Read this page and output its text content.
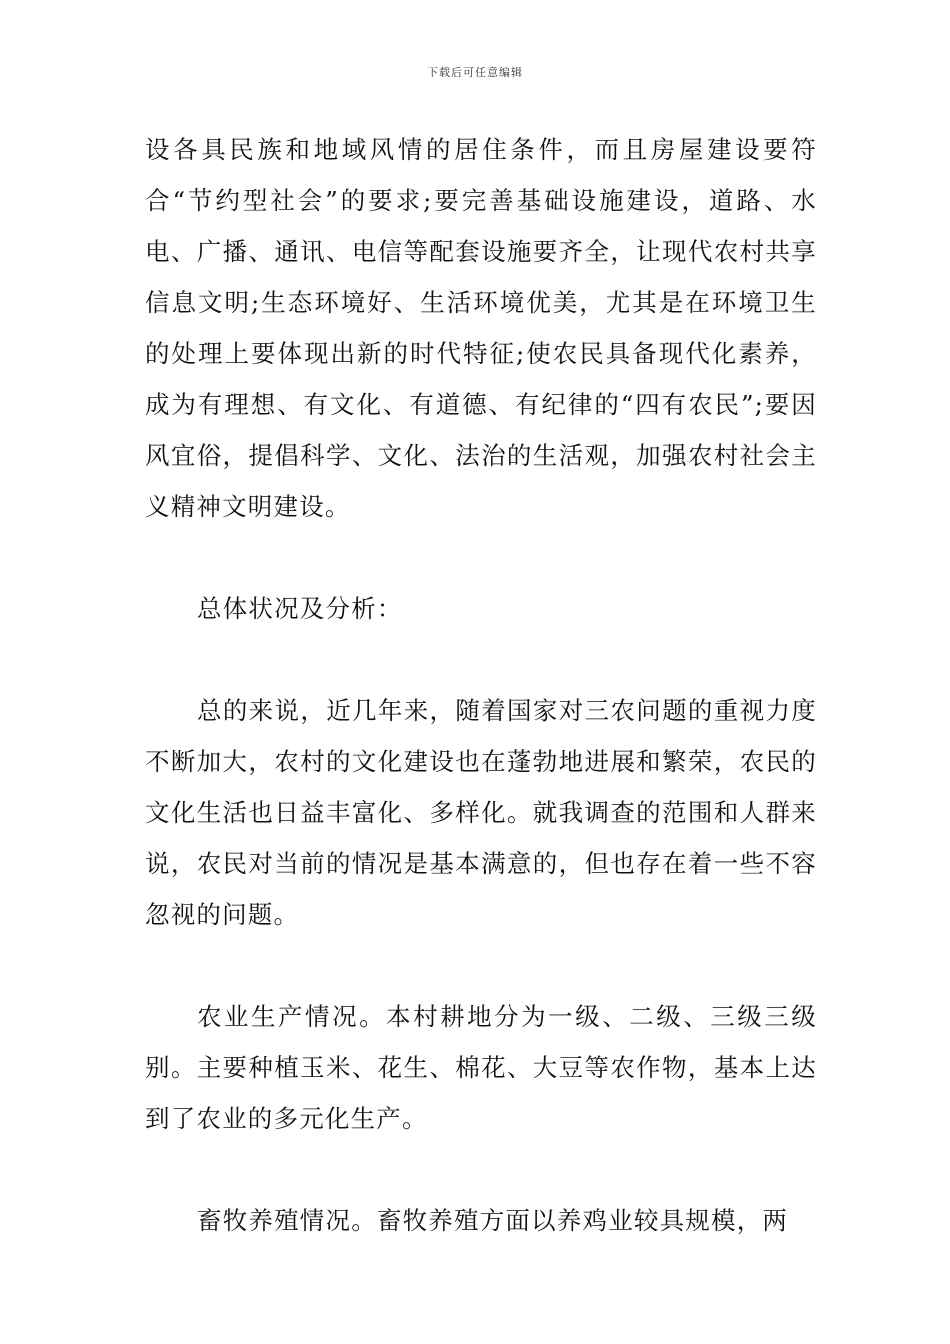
下载后可任意编辑

设各具民族和地域风情的居住条件，而且房屋建设要符合“节约型社会”的要求;要完善基础设施建设，道路、水电、广播、通讯、电信等配套设施要齐全，让现代农村共享信息文明;生态环境好、生活环境优美，尤其是在环境卫生的处理上要体现出新的时代特征;使农民具备现代化素养，成为有理想、有文化、有道德、有纪律的“四有农民”;要因风宜俗，提倡科学、文化、法治的生活观，加强农村社会主义精神文明建设。

总体状况及分析：

总的来说，近几年来，随着国家对三农问题的重视力度不断加大，农村的文化建设也在蓬勃地进展和繁荣，农民的文化生活也日益丰富化、多样化。就我调查的范围和人群来说，农民对当前的情况是基本满意的，但也存在着一些不容忽视的问题。

农业生产情况。本村耕地分为一级、二级、三级三级别。主要种植玉米、花生、棉花、大豆等农作物，基本上达到了农业的多元化生产。

畜牧养殖情况。畜牧养殖方面以养鸡业较具规模，两
